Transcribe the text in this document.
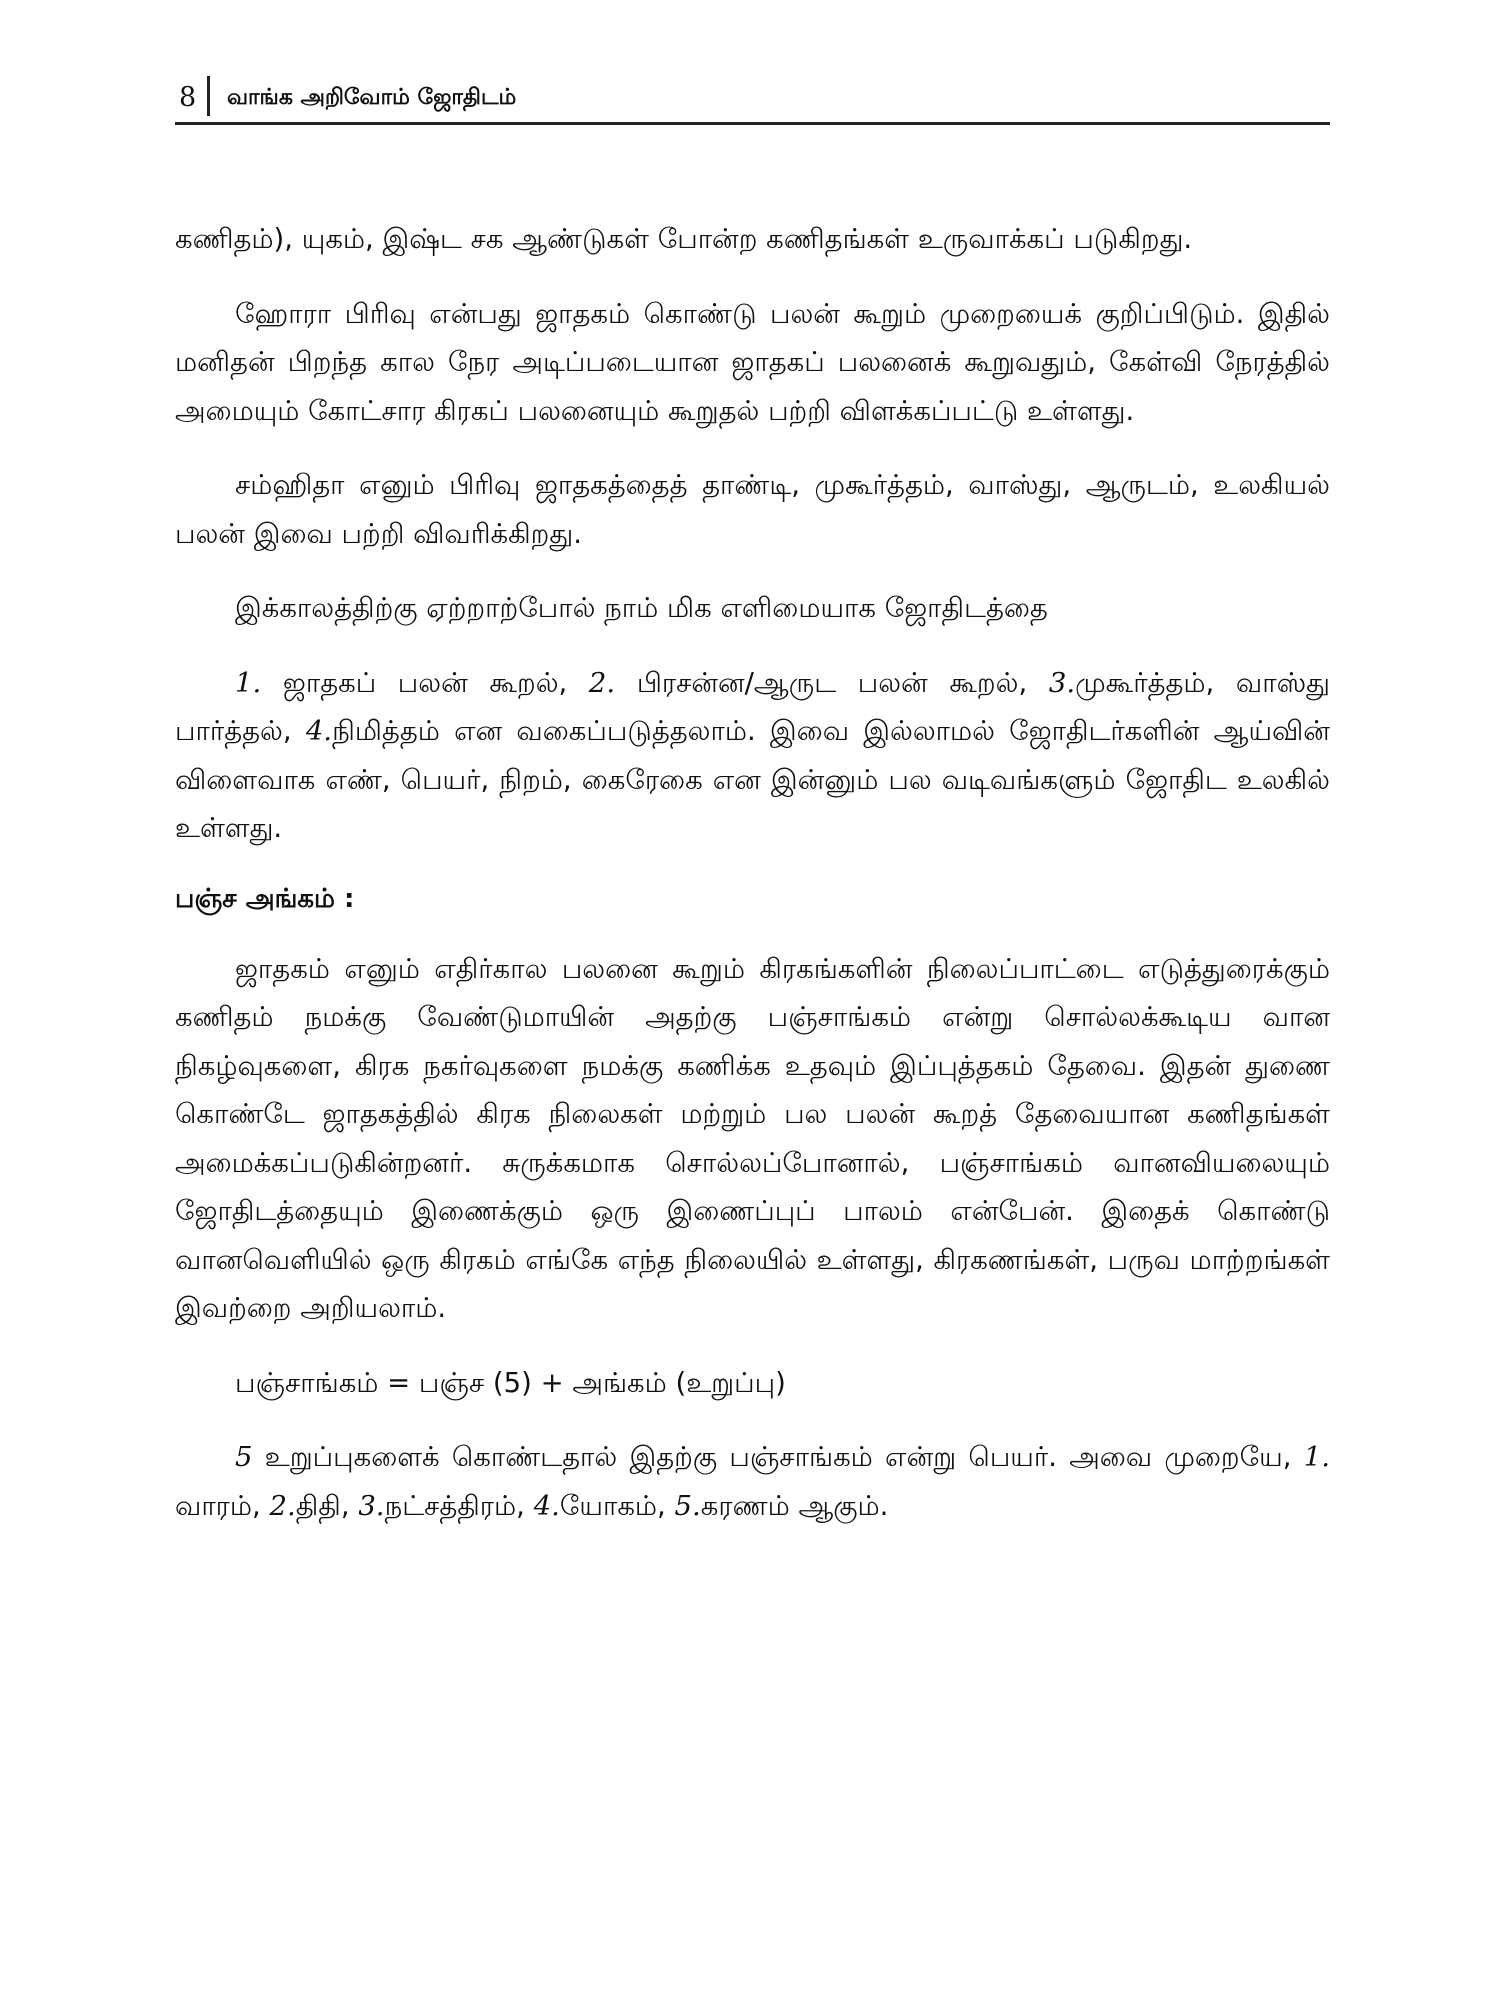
8 வாங்க அறிவோம் ஜோதிடம்

கணிதம்), யுகம், இஷ்ட சக ஆண்டுகள் போன்ற கணிதங்கள் உருவாக்கப் படுகிறது.

ஹோரா பிரிவு என்பது ஜாதகம் கொண்டு பலன் கூறும் முறையைக் குறிப்பிடும். இதில் மனிதன் பிறந்த கால நேர அடிப்படையான ஜாதகப் பலனைக் கூறுவதும், கேள்வி நேரத்தில் அமையும் கோட்சார கிரகப் பலனையும் கூறுதல் பற்றி விளக்கப்பட்டு உள்ளது.

சம்ஹிதா எனும் பிரிவு ஜாதகத்தைத் தாண்டி, முகூர்த்தம், வாஸ்து, ஆருடம், உலகியல் பலன் இவை பற்றி விவரிக்கிறது.

இக்காலத்திற்கு ஏற்றாற்போல் நாம் மிக எளிமையாக ஜோதிடத்தை

1. ஜாதகப் பலன் கூறல், 2. பிரசன்ன/ஆருட பலன் கூறல், 3.முகூர்த்தம், வாஸ்து பார்த்தல், 4.நிமித்தம் என வகைப்படுத்தலாம். இவை இல்லாமல் ஜோதிடர்களின் ஆய்வின் விளைவாக எண், பெயர், நிறம், கைரேகை என இன்னும் பல வடிவங்களும் ஜோதிட உலகில் உள்ளது.

பஞ்ச அங்கம் :

ஜாதகம் எனும் எதிர்கால பலனை கூறும் கிரகங்களின் நிலைப்பாட்டை எடுத்துரைக்கும் கணிதம் நமக்கு வேண்டுமாயின் அதற்கு பஞ்சாங்கம் என்று சொல்லக்கூடிய வான நிகழ்வுகளை, கிரக நகர்வுகளை நமக்கு கணிக்க உதவும் இப்புத்தகம் தேவை. இதன் துணை கொண்டே ஜாதகத்தில் கிரக நிலைகள் மற்றும் பல பலன் கூறத் தேவையான கணிதங்கள் அமைக்கப்படுகின்றனர். சுருக்கமாக சொல்லப்போனால், பஞ்சாங்கம் வானவியலையும் ஜோதிடத்தையும் இணைக்கும் ஒரு இணைப்புப் பாலம் என்பேன். இதைக் கொண்டு வானவெளியில் ஒரு கிரகம் எங்கே எந்த நிலையில் உள்ளது, கிரகணங்கள், பருவ மாற்றங்கள் இவற்றை அறியலாம்.

பஞ்சாங்கம் = பஞ்ச (5) + அங்கம் (உறுப்பு)

5 உறுப்புகளைக் கொண்டதால் இதற்கு பஞ்சாங்கம் என்று பெயர். அவை முறையே, 1. வாரம், 2.திதி, 3.நட்சத்திரம், 4.யோகம், 5.கரணம் ஆகும்.
